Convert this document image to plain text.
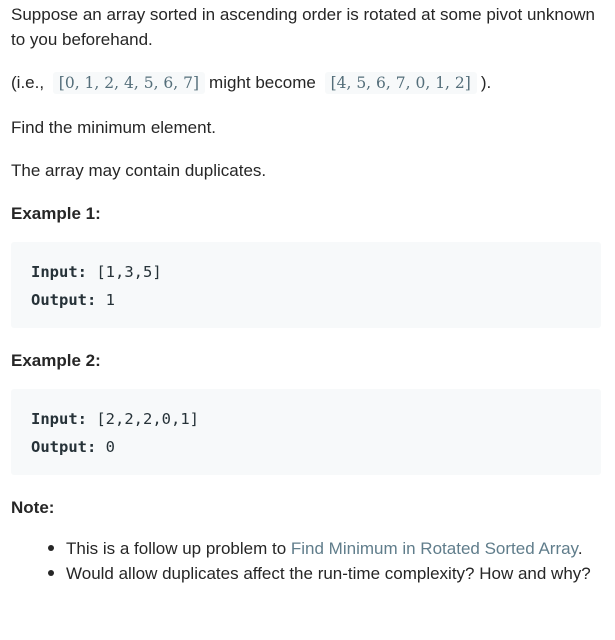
Suppose an array sorted in ascending order is rotated at some pivot unknown to you beforehand.

(i.e., [0, 1, 2, 4, 5, 6, 7] might become [4, 5, 6, 7, 0, 1, 2] ).

Find the minimum element.

The array may contain duplicates.

Example 1:

Input: [1,3,5]
Output: 1

Example 2:

Input: [2,2,2,0,1]
Output: 0

Note:

This is a follow up problem to Find Minimum in Rotated Sorted Array.
Would allow duplicates affect the run-time complexity? How and why?
